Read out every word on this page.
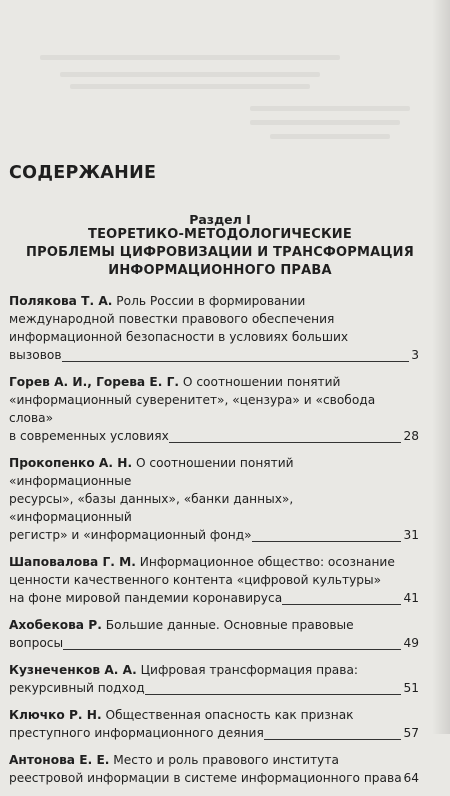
СОДЕРЖАНИЕ
Раздел I
ТЕОРЕТИКО-МЕТОДОЛОГИЧЕСКИЕ
ПРОБЛЕМЫ ЦИФРОВИЗАЦИИ И ТРАНСФОРМАЦИЯ
ИНФОРМАЦИОННОГО ПРАВА
Полякова Т. А. Роль России в формировании
международной повестки правового обеспечения
информационной безопасности в условиях больших
вызовов	3
Горев А. И., Горева Е. Г. О соотношении понятий
«информационный суверенитет», «цензура» и «свобода слова»
в современных условиях	28
Прокопенко А. Н. О соотношении понятий «информационные
ресурсы», «базы данных», «банки данных», «информационный
регистр» и «информационный фонд»	31
Шаповалова Г. М. Информационное общество: осознание
ценности качественного контента «цифровой культуры»
на фоне мировой пандемии коронавируса	41
Ахобекова Р. Большие данные. Основные правовые
вопросы	49
Кузнеченков А. А. Цифровая трансформация права:
рекурсивный подход	51
Ключко Р. Н. Общественная опасность как признак
преступного информационного деяния	57
Антонова Е. Е. Место и роль правового института
реестровой информации в системе информационного права 64
